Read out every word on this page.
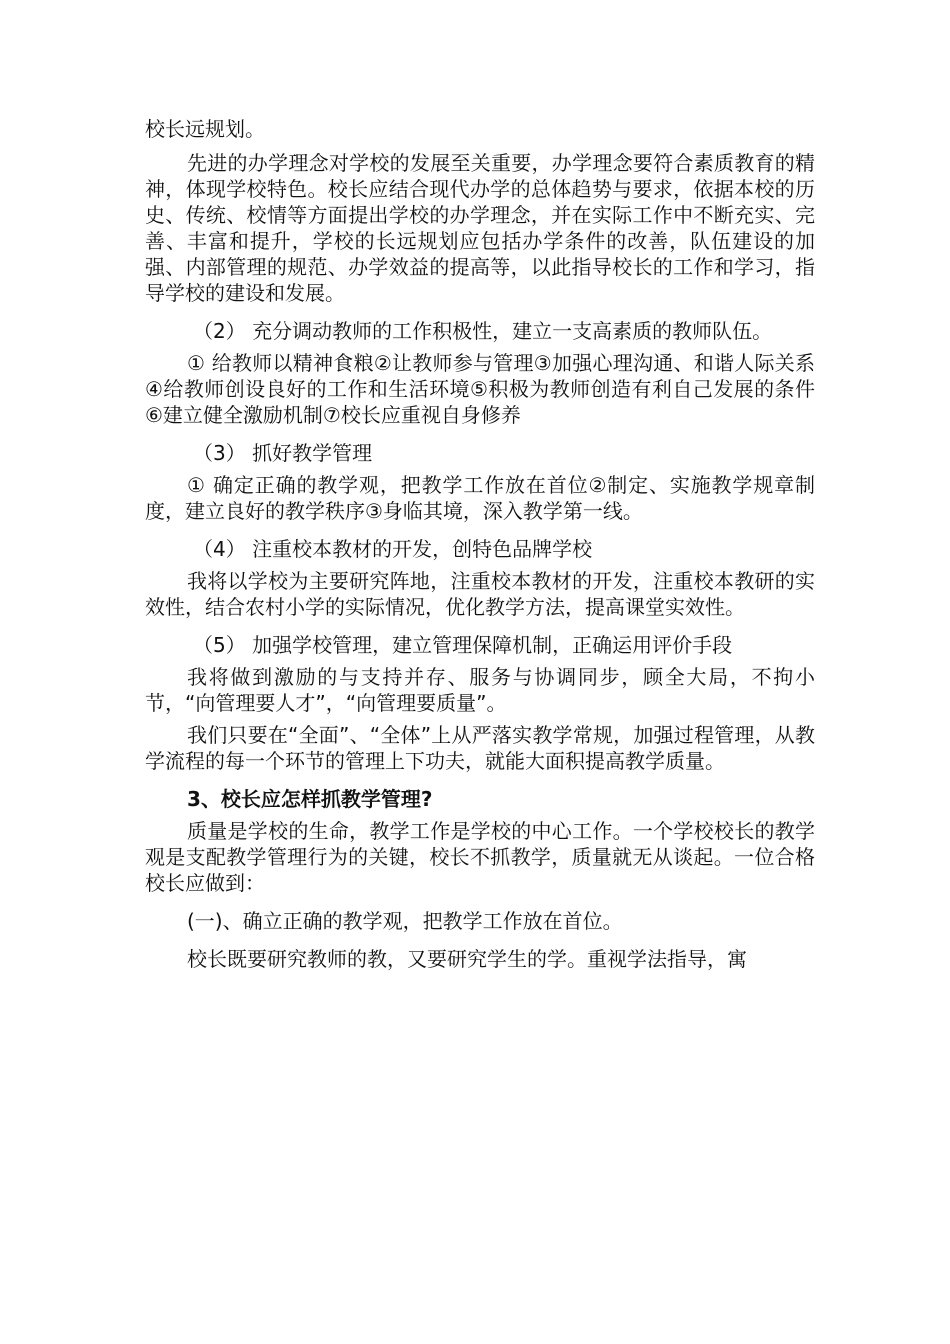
校长远规划。

先进的办学理念对学校的发展至关重要，办学理念要符合素质教育的精神，体现学校特色。校长应结合现代办学的总体趋势与要求，依据本校的历史、传统、校情等方面提出学校的办学理念，并在实际工作中不断充实、完善、丰富和提升，学校的长远规划应包括办学条件的改善，队伍建设的加强、内部管理的规范、办学效益的提高等，以此指导校长的工作和学习，指导学校的建设和发展。

（2） 充分调动教师的工作积极性，建立一支高素质的教师队伍。

① 给教师以精神食粮②让教师参与管理③加强心理沟通、和谐人际关系④给教师创设良好的工作和生活环境⑤积极为教师创造有利自己发展的条件⑥建立健全激励机制⑦校长应重视自身修养

（3） 抓好教学管理

① 确定正确的教学观，把教学工作放在首位②制定、实施教学规章制度，建立良好的教学秩序③身临其境，深入教学第一线。

（4） 注重校本教材的开发，创特色品牌学校

我将以学校为主要研究阵地，注重校本教材的开发，注重校本教研的实效性，结合农村小学的实际情况，优化教学方法，提高课堂实效性。

（5） 加强学校管理，建立管理保障机制，正确运用评价手段

我将做到激励的与支持并存、服务与协调同步，顾全大局，不拘小节，“向管理要人才”，“向管理要质量”。

我们只要在“全面”、“全体”上从严落实教学常规，加强过程管理，从教学流程的每一个环节的管理上下功夫，就能大面积提高教学质量。

3、校长应怎样抓教学管理?

质量是学校的生命，教学工作是学校的中心工作。一个学校校长的教学观是支配教学管理行为的关键，校长不抓教学，质量就无从谈起。一位合格校长应做到：

(一)、确立正确的教学观，把教学工作放在首位。

校长既要研究教师的教，又要研究学生的学。重视学法指导，寓
